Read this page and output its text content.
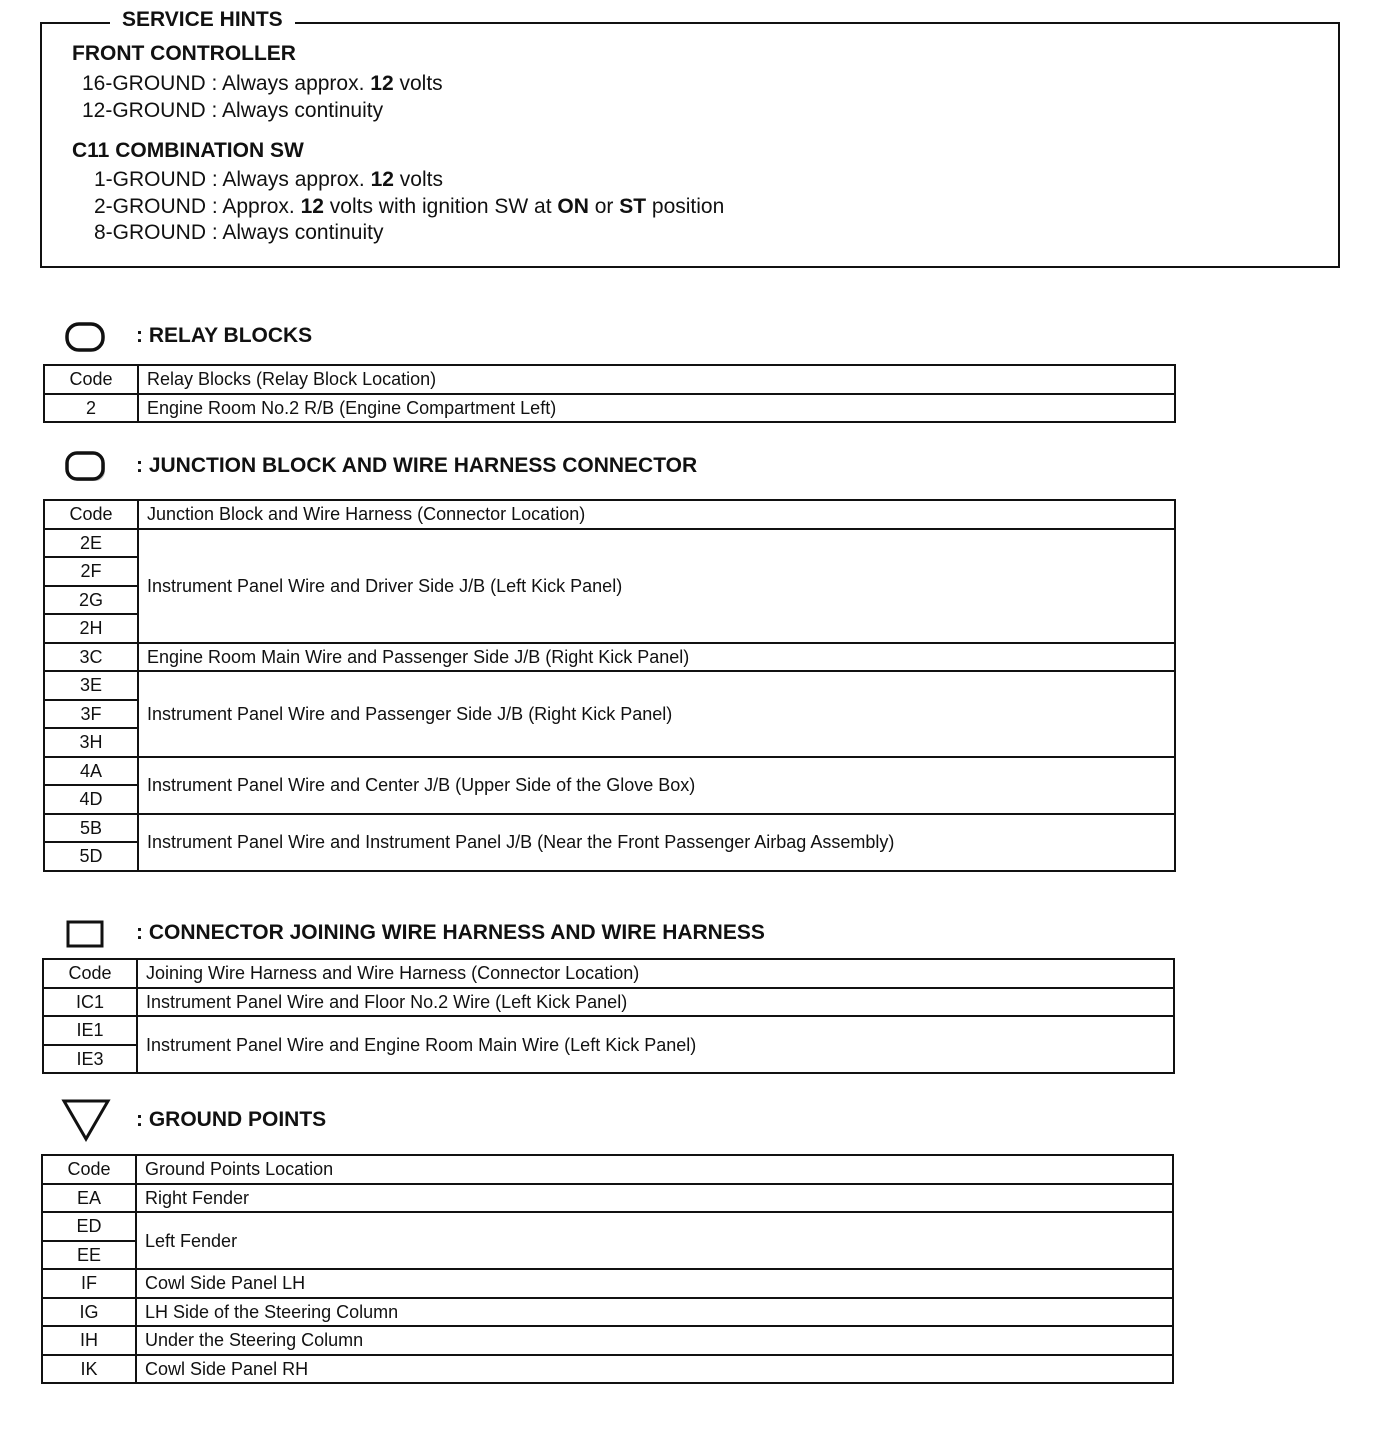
SERVICE HINTS
FRONT CONTROLLER
16-GROUND : Always approx. 12 volts
12-GROUND : Always continuity
C11 COMBINATION SW
1-GROUND : Always approx. 12 volts
2-GROUND : Approx. 12 volts with ignition SW at ON or ST position
8-GROUND : Always continuity
: RELAY BLOCKS
Code	Relay Blocks (Relay Block Location)
2	Engine Room No.2 R/B (Engine Compartment Left)
: JUNCTION BLOCK AND WIRE HARNESS CONNECTOR
Code	Junction Block and Wire Harness (Connector Location)
2E	Instrument Panel Wire and Driver Side J/B (Left Kick Panel)
2F	
2G	
2H	
3C	Engine Room Main Wire and Passenger Side J/B (Right Kick Panel)
3E	Instrument Panel Wire and Passenger Side J/B (Right Kick Panel)
3F	
3H	
4A	Instrument Panel Wire and Center J/B (Upper Side of the Glove Box)
4D	
5B	Instrument Panel Wire and Instrument Panel J/B (Near the Front Passenger Airbag Assembly)
5D	
: CONNECTOR JOINING WIRE HARNESS AND WIRE HARNESS
Code	Joining Wire Harness and Wire Harness (Connector Location)
IC1	Instrument Panel Wire and Floor No.2 Wire (Left Kick Panel)
IE1	Instrument Panel Wire and Engine Room Main Wire (Left Kick Panel)
IE3	
: GROUND POINTS
Code	Ground Points Location
EA	Right Fender
ED	Left Fender
EE	
IF	Cowl Side Panel LH
IG	LH Side of the Steering Column
IH	Under the Steering Column
IK	Cowl Side Panel RH
